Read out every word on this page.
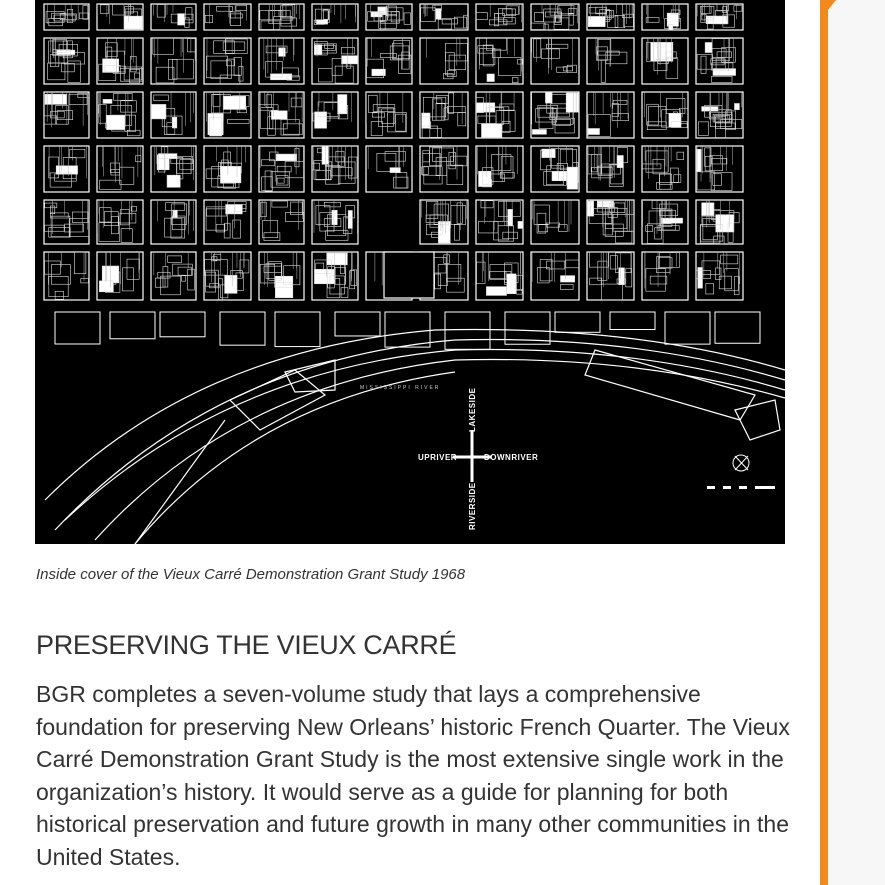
UPRIVER	DOWNRIVER
LAKESIDE
RIVERSIDE
MISSISSIPPI RIVER
Inside cover of the Vieux Carré Demonstration Grant Study 1968
PRESERVING THE VIEUX CARRÉ

BGR completes a seven-volume study that lays a comprehensive foundation for preserving New Orleans’ historic French Quarter. The Vieux Carré Demonstration Grant Study is the most extensive single work in the organization’s history. It would serve as a guide for planning for both historical preservation and future growth in many other communities in the United States.
